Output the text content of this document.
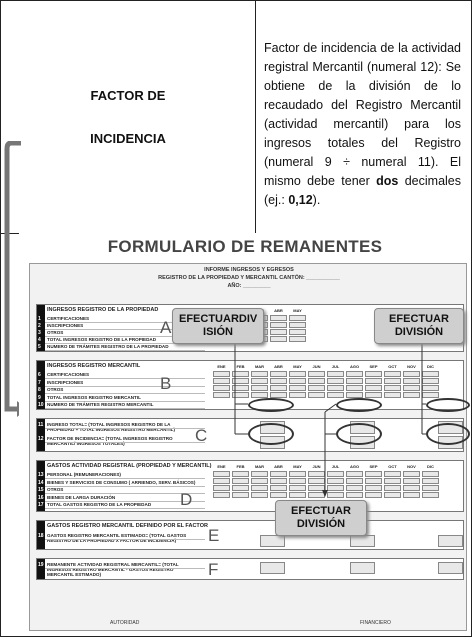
FACTOR DE
INCIDENCIA
Factor de incidencia de la actividad registral Mercantil (numeral 12): Se obtiene de la división de lo recaudado del Registro Mercantil (actividad mercantil) para los ingresos totales del Registro (numeral 9 ÷ numeral 11). El mismo debe tener dos decimales (ej.: 0,12).
FORMULARIO DE REMANENTES
INFORME INGRESOS Y EGRESOS
REGISTRO DE LA PROPIEDAD Y MERCANTIL CANTÓN: ___________
AÑO: _________
INGRESOS REGISTRO DE LA PROPIEDAD
1 CERTIFICACIONES
2 INSCRIPCIONES
3 OTROS
4 TOTAL INGRESOS REGISTRO DE LA PROPIEDAD
5 NUMERO DE TRÁMITES REGISTRO DE LA PROPIEDAD
INGRESOS REGISTRO MERCANTIL
6 CERTIFICACIONES
7 INSCRIPCIONES
8 OTROS
9 TOTAL INGRESOS REGISTRO MERCANTIL
10 NUMERO DE TRÁMITES REGISTRO MERCANTIL
11 INGRESO TOTAL= (TOTAL INGRESOS REGISTRO DE LA PROPIEDAD + TOTAL INGRESOS REGISTRO MERCANTIL)
12 FACTOR DE INCIDENCIA= (TOTAL INGRESOS REGISTRO MERCANTIL/ INGRESOS TOTALES)
GASTOS ACTIVIDAD REGISTRAL (PROPIEDAD Y MERCANTIL)
13 PERSONAL (REMUNERACIONES)
14 BIENES Y SERVICIOS DE CONSUMO ( ARRIENDO, SERV. BÁSICOS)
15 OTROS
16 BIENES DE LARGA DURACIÓN
17 TOTAL GASTOS REGISTRO DE LA PROPIEDAD
GASTOS REGISTRO MERCANTIL DEFINIDO POR EL FACTOR
18 GASTOS REGISTRO MERCANTIL ESTIMADO= (TOTAL GASTOS REGISTRO DE LA PROPIEDAD X FACTOR DE INCIDENCIA)
19 REMANENTE ACTIVIDAD REGISTRAL MERCANTIL= (TOTAL INGRESOS REGISTRO MERCANTIL - GASTOS REGISTRO MERCANTIL ESTIMADO)
ABR	MAY
ENE	FEB	MAR	ABR	MAY	JUN	JUL	AGO	SEP	OCT	NOV	DIC
ENE	FEB	MAR	ABR	MAY	JUN	JUL	AGO	SEP	OCT	NOV	DIC
A
B
C
D
E
F
EFECTUARDIV ISIÓN
EFECTUAR DIVISIÓN
EFECTUAR DIVISIÓN
AUTORIDAD	FINANCIERO
